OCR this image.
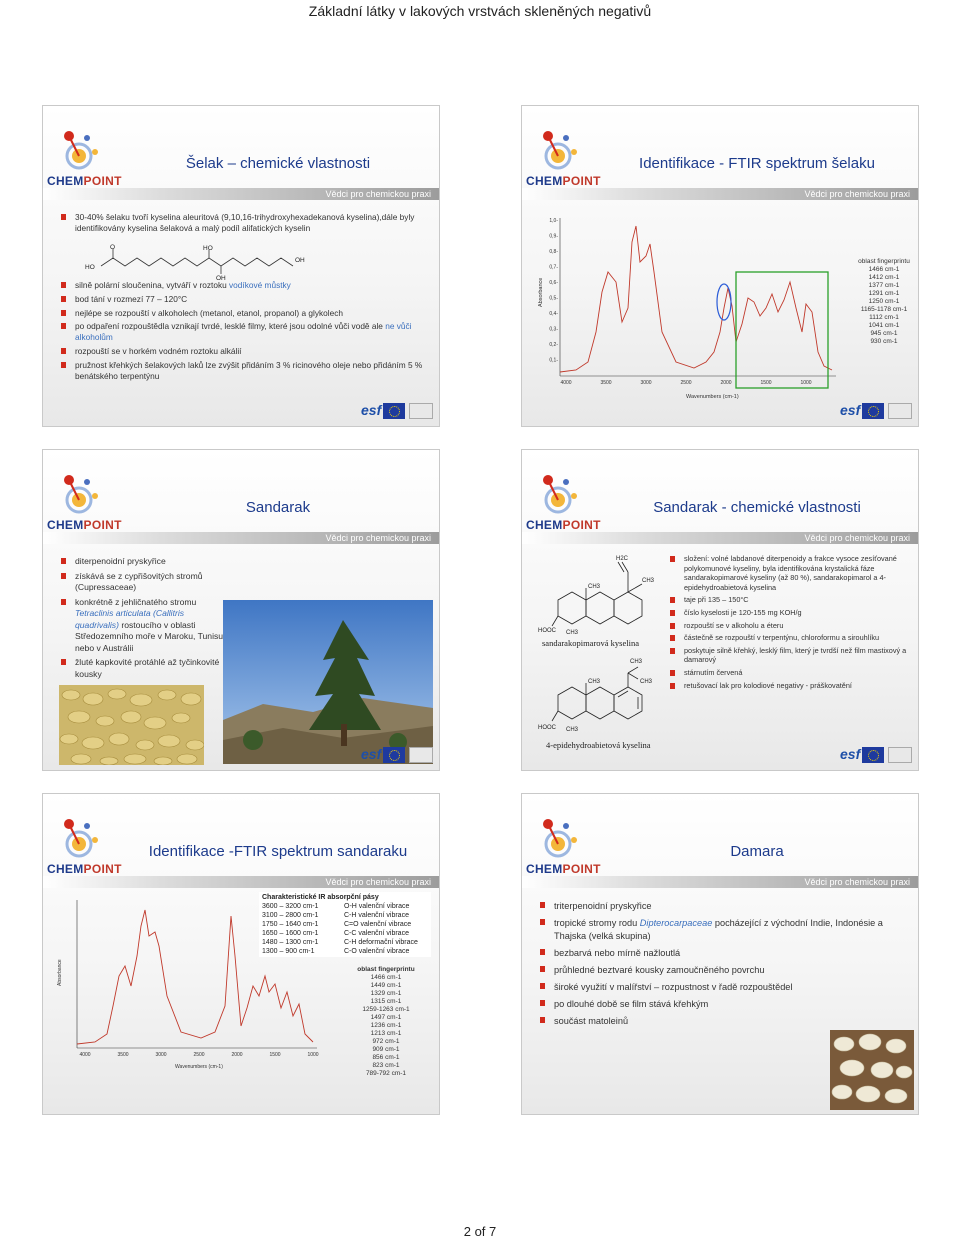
Základní látky v lakových vrstvách skleněných negativů
Vědci pro chemickou praxi
CHEMPOINT
Šelak – chemické vlastnosti
30-40% šelaku tvoří kyselina aleuritová (9,10,16-trihydroxyhexadekanová kyselina),dále byly identifikovány kyselina šelaková a malý podíl alifatických kyselin
HO
O	HO
OH
OH
silně polární sloučenina, vytváří v roztoku vodíkové můstky
bod tání v rozmezí 77 – 120°C
nejlépe se rozpouští v alkoholech (metanol, etanol, propanol) a glykolech
po odpaření rozpouštědla vznikají tvrdé, lesklé filmy, které jsou odolné vůči vodě ale ne vůči alkoholům
rozpouští se v horkém vodném roztoku alkálií
pružnost křehkých šelakových laků lze zvýšit přidáním 3 % ricinového oleje nebo přidáním 5 % benátského terpentýnu
esf
Vědci pro chemickou praxi
CHEMPOINT
Identifikace - FTIR spektrum šelaku
1,0-
0,9-
0,8-
0,7-
0,6-
0,5-
0,4-
0,3-
0,2-
0,1-
4000	3500	3000	2500	2000	1500	1000
Absorbance
Wavenumbers (cm-1)
oblast fingerprintu
1466 cm-1
1412 cm-1
1377 cm-1
1291 cm-1
1250 cm-1
1165-1178 cm-1
1112 cm-1
1041 cm-1
945 cm-1
930 cm-1
esf
Vědci pro chemickou praxi
CHEMPOINT
Sandarak
diterpenoidní pryskyřice
získává se z cypřišovitých stromů (Cupressaceae)
konkrétně z jehličnatého stromu Tetraclinis articulata (Callitris quadrivalis) rostoucího v oblasti Středozemního moře v Maroku, Tunisu nebo v Austrálii
žluté kapkovité protáhlé až tyčinkovité kousky
esf
Vědci pro chemickou praxi
CHEMPOINT
Sandarak - chemické vlastnosti
H2C
CH3
CH3
HOOC CH3
sandarakopimarová kyselina
CH3
CH3
CH3
HOOC CH3
4-epidehydroabietová kyselina
složení: volné labdanové diterpenoidy a frakce vysoce zesíťované polykomunové kyseliny, byla identifikována krystalická fáze sandarakopimarové kyseliny (až 80 %), sandarakopimarol a 4-epidehydroabietová kyselina
taje při 135 – 150°C
číslo kyselosti je 120-155 mg KOH/g
rozpouští se v alkoholu a éteru
částečně se rozpouští v terpentýnu, chloroformu a sirouhlíku
poskytuje silně křehký, lesklý film, který je tvrdší než film mastixový a damarový
stárnutím červená
retušovací lak pro kolodiové negativy - práškovatění
esf
Vědci pro chemickou praxi
CHEMPOINT
Identifikace -FTIR spektrum sandaraku
4000	3500	3000	2500	2000	1500	1000
Absorbance
Wavenumbers (cm-1)
Charakteristické IR absorpční pásy
3600 – 3200 cm-1	O-H valenční vibrace
3100 – 2800 cm-1	C-H valenční vibrace
1750 – 1640 cm-1	C=O valenční vibrace
1650 – 1600 cm-1	C-C valenční vibrace
1480 – 1300 cm-1	C-H deformační vibrace
1300 – 900 cm-1	C-O valenční vibrace
oblast fingerprintu
1466 cm-1
1449 cm-1
1329 cm-1
1315 cm-1
1259-1263 cm-1
1497 cm-1
1236 cm-1
1213 cm-1
972 cm-1
909 cm-1
856 cm-1
823 cm-1
789-792 cm-1
Vědci pro chemickou praxi
CHEMPOINT
Damara
triterpenoidní pryskyřice
tropické stromy rodu Dipterocarpaceae pocházející z východní Indie, Indonésie a Thajska (velká skupina)
bezbarvá nebo mírně nažloutlá
průhledné beztvaré kousky zamoučněného povrchu
široké využití v malířství – rozpustnost v řadě rozpouštědel
po dlouhé době se film stává křehkým
součást matoleinů
2 of 7
